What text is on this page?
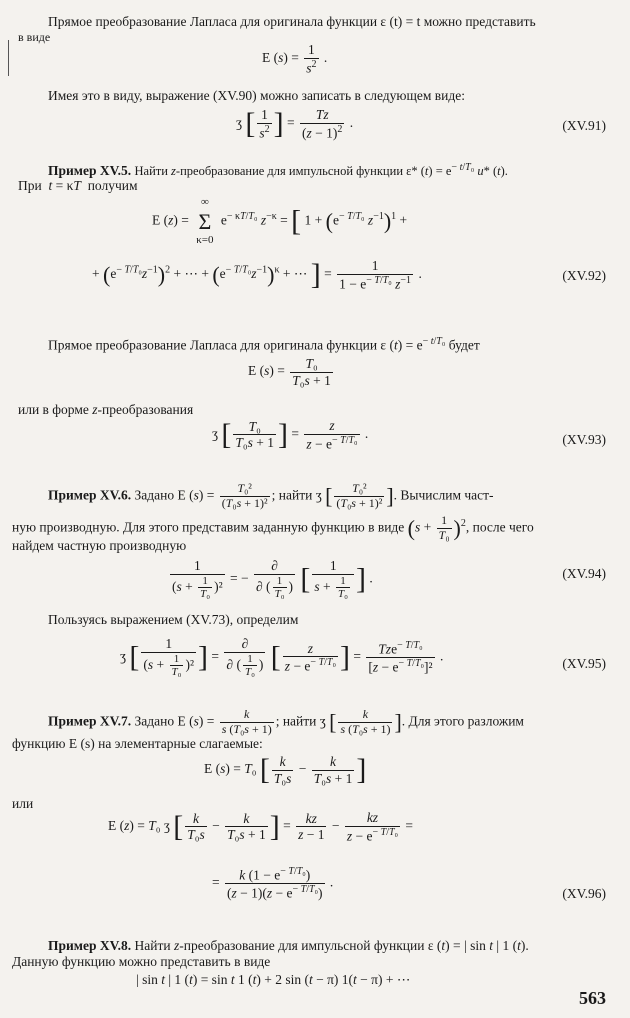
Прямое преобразование Лапласа для оригинала функции ε (t) = t можно представить
в виде
E $(s) = \frac{1}{s^2}$ .
Имея это в виду, выражение (XV.90) можно записать в следующем виде:
ʒ [ $\frac{1}{s^2}$ ] = $\frac{Tz}{(z - 1)^2}$ .	(XV.91)
Пример XV.5. Найти z-преобразование для импульсной функции ε* $(t) = e^{- t/T_0}$ u* (t).
При  t = κT  получим
E (z) =
∞
Σ
κ=0
$e^{- \kappa T/T_0}$ $z^{-\kappa}$ = [ $1 + (e^{- T/T_0}$ $z^{-1})^1$ +
+ $(e^{- T/T_0}z^{-1})^2$ + ⋯ + $(e^{- T/T_0}z^{-1})^\kappa$ + ⋯ ] = $\frac{1}{1 - e^{- T/T_0} z^{-1}}$ .	(XV.92)
Прямое преобразование Лапласа для оригинала функции ε $(t) = e^{- t/T_0}$ будет
E $(s) = \frac{\text{T₀}}{\text{T₀s + 1}}$
или в форме z-преобразования
ʒ [ $\frac{\text{T₀}}{\text{T₀s + 1}}$ ] = $\frac{z}{z - e^{- T/T_0}}$ .	(XV.93)
Пример XV.6. Задано E $(s) = \frac{\text{T₀²}}{\text{(T₀s + 1)²}}$ ; найти ʒ [ $\frac{\text{T₀²}}{\text{(T₀s + 1)²}}$ ]. Вычислим част-
ную производную. Для этого представим заданную функцию в виде $(s + \frac{1}{\text{T₀}} )^2$, после чего
найдем частную производную
$\frac{1}{(s + \frac{1}{\text{T₀}} )^2}$ = − $\frac{\partial}{\partial ( \frac{1}{\text{T₀}} )}$ [ $\frac{1}{s + \frac{1}{\text{T₀}}}$ ] .	(XV.94)
Пользуясь выражением (XV.73), определим
ʒ [ $\frac{1}{(s + \frac{1}{\text{T₀}} )^2}$ ] = $\frac{\partial}{\partial ( \frac{1}{\text{T₀}} )}$ [ $\frac{z}{z - e^{- T/T_0}}$ ] = $\frac{Tze^{- T/T_0}}{[z - e^{- T/T_0}]^2}$ .	(XV.95)
Пример XV.7. Задано E $(s) = \frac{k}{\text{s (T₀s + 1)}}$ ; найти ʒ [ $\frac{k}{\text{s (T₀s + 1)}}$ ]. Для этого разложим
функцию E (s) на элементарные слагаемые:
E (s) = T₀ [ $\frac{k}{\text{T₀s}} - \frac{k}{\text{T₀s + 1}}$ ]
или
E (z) = T₀ ʒ [ $\frac{k}{\text{T₀s}} - \frac{k}{\text{T₀s + 1}}$ ] = $\frac{kz}{z - 1} - \frac{kz}{z - e^{- T/T_0}}$ =
= $\frac{k (1 - e^{- T/T_0})}{(z - 1)(z - e^{- T/T_0})}$ .
(XV.96)
Пример XV.8. Найти z-преобразование для импульсной функции ε (t) = | sin t | 1 (t).
Данную функцию можно представить в виде
| sin t | 1 (t) = sin t 1 (t) + 2 sin (t − π) 1(t − π) + ⋯
563
